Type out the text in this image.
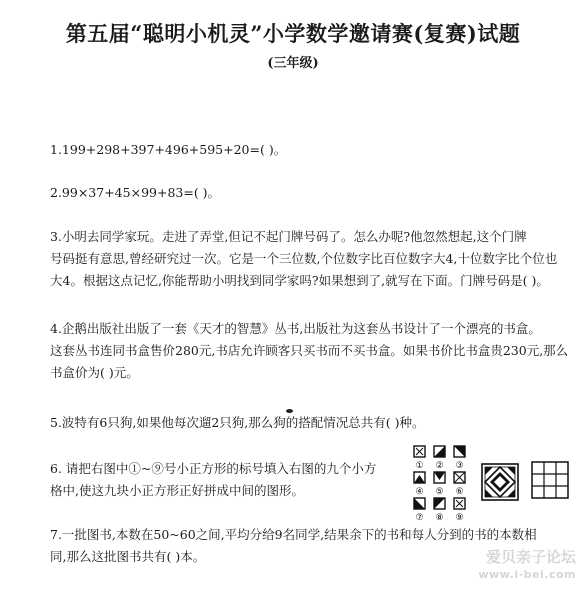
第五届“聪明小机灵”小学数学邀请赛(复赛)试题
(三年级)
1.199+298+397+496+595+20=( )。
2.99×37+45×99+83=( )。
3.小明去同学家玩。走进了弄堂,但记不起门牌号码了。怎么办呢?他忽然想起,这个门牌
号码挺有意思,曾经研究过一次。它是一个三位数,个位数字比百位数字大4,十位数字比个位也
大4。根据这点记忆,你能帮助小明找到同学家吗?如果想到了,就写在下面。门牌号码是( )。
4.企鹅出版社出版了一套《天才的智慧》丛书,出版社为这套丛书设计了一个漂亮的书盒。
这套丛书连同书盒售价280元,书店允许顾客只买书而不买书盒。如果书价比书盒贵230元,那么
书盒价为( )元。
5.波特有6只狗,如果他每次遛2只狗,那么狗的搭配情况总共有( )种。
6. 请把右图中①~⑨号小正方形的标号填入右图的九个小方
格中,使这九块小正方形正好拼成中间的图形。
① ② ③
④ ⑤ ⑥
⑦ ⑧ ⑨
7.一批图书,本数在50~60之间,平均分给9名同学,结果余下的书和每人分到的书的本数相
同,那么这批图书共有( )本。	爱贝亲子论坛
www.i-bei.com
